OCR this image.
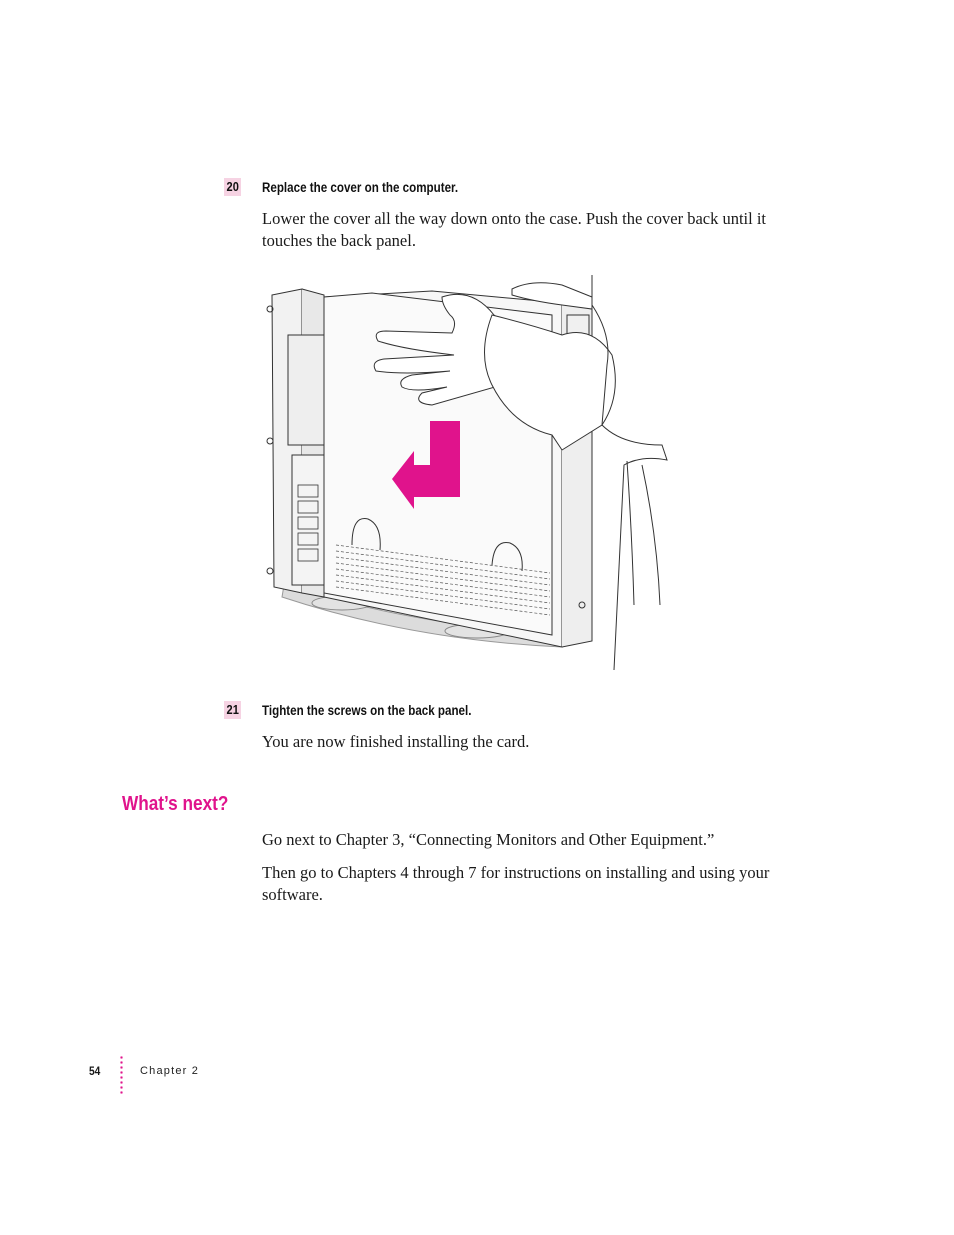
20 Replace the cover on the computer.

Lower the cover all the way down onto the case. Push the cover back until it touches the back panel.

21 Tighten the screws on the back panel.

You are now finished installing the card.

What’s next?

Go next to Chapter 3, “Connecting Monitors and Other Equipment.”

Then go to Chapters 4 through 7 for instructions on installing and using your software.

54	Chapter 2
